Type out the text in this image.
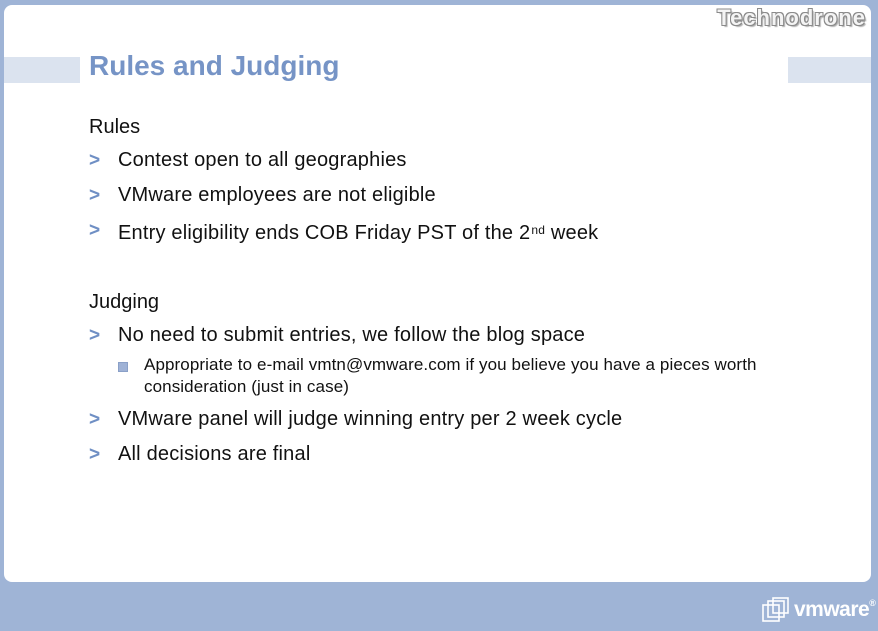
Technodrone
Rules and Judging
Rules
> Contest open to all geographies
> VMware employees are not eligible
> Entry eligibility ends COB Friday PST of the 2nd week
Judging
> No need to submit entries, we follow the blog space
Appropriate to e-mail vmtn@vmware.com if you believe you have a pieces worth consideration (just in case)
> VMware panel will judge winning entry per 2 week cycle
> All decisions are final
vmware®
